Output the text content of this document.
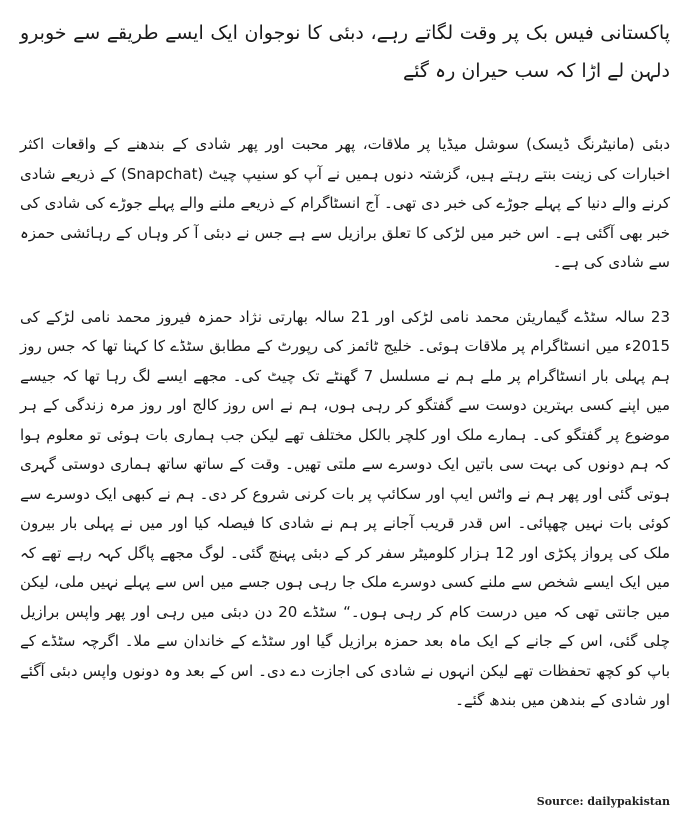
پاکستانی فیس بک پر وقت لگاتے رہے، دبئی کا نوجوان ایک ایسے طریقے سے خوبرو دلہن لے اڑا کہ سب حیران رہ گئے

دبئی (مانیٹرنگ ڈیسک) سوشل میڈیا پر ملاقات، پھر محبت اور پھر شادی کے بندھنے کے واقعات اکثر اخبارات کی زینت بنتے رہتے ہیں، گزشتہ دنوں ہمیں نے آپ کو سنیپ چیٹ (Snapchat) کے ذریعے شادی کرنے والے دنیا کے پہلے جوڑے کی خبر دی تھی۔ آج انسٹاگرام کے ذریعے ملنے والے پہلے جوڑے کی شادی کی خبر بھی آگئی ہے۔ اس خبر میں لڑکی کا تعلق برازیل سے ہے جس نے دبئی آ کر وہاں کے رہائشی حمزہ سے شادی کی ہے۔

23 سالہ سٹڈے گیماریئن محمد نامی لڑکی اور 21 سالہ بھارتی نژاد حمزہ فیروز محمد نامی لڑکے کی 2015ء میں انسٹاگرام پر ملاقات ہوئی۔ خلیج ٹائمز کی رپورٹ کے مطابق سٹڈے کا کہنا تھا کہ جس روز ہم پہلی بار انسٹاگرام پر ملے ہم نے مسلسل 7 گھنٹے تک چیٹ کی۔ مجھے ایسے لگ رہا تھا کہ جیسے میں اپنے کسی بہترین دوست سے گفتگو کر رہی ہوں، ہم نے اس روز کالج اور روز مرہ زندگی کے ہر موضوع پر گفتگو کی۔ ہمارے ملک اور کلچر بالکل مختلف تھے لیکن جب ہماری بات ہوئی تو معلوم ہوا کہ ہم دونوں کی بہت سی باتیں ایک دوسرے سے ملتی تھیں۔ وقت کے ساتھ ساتھ ہماری دوستی گہری ہوتی گئی اور پھر ہم نے واٹس ایپ اور سکائپ پر بات کرنی شروع کر دی۔ ہم نے کبھی ایک دوسرے سے کوئی بات نہیں چھپائی۔ اس قدر قریب آجانے پر ہم نے شادی کا فیصلہ کیا اور میں نے پہلی بار بیرون ملک کی پرواز پکڑی اور 12 ہزار کلومیٹر سفر کر کے دبئی پہنچ گئی۔ لوگ مجھے پاگل کہہ رہے تھے کہ میں ایک ایسے شخص سے ملنے کسی دوسرے ملک جا رہی ہوں جسے میں اس سے پہلے نہیں ملی، لیکن میں جانتی تھی کہ میں درست کام کر رہی ہوں۔“ سٹڈے 20 دن دبئی میں رہی اور پھر واپس برازیل چلی گئی، اس کے جانے کے ایک ماہ بعد حمزہ برازیل گیا اور سٹڈے کے خاندان سے ملا۔ اگرچہ سٹڈے کے باپ کو کچھ تحفظات تھے لیکن انہوں نے شادی کی اجازت دے دی۔ اس کے بعد وہ دونوں واپس دبئی آگئے اور شادی کے بندھن میں بندھ گئے۔

Source: dailypakistan
